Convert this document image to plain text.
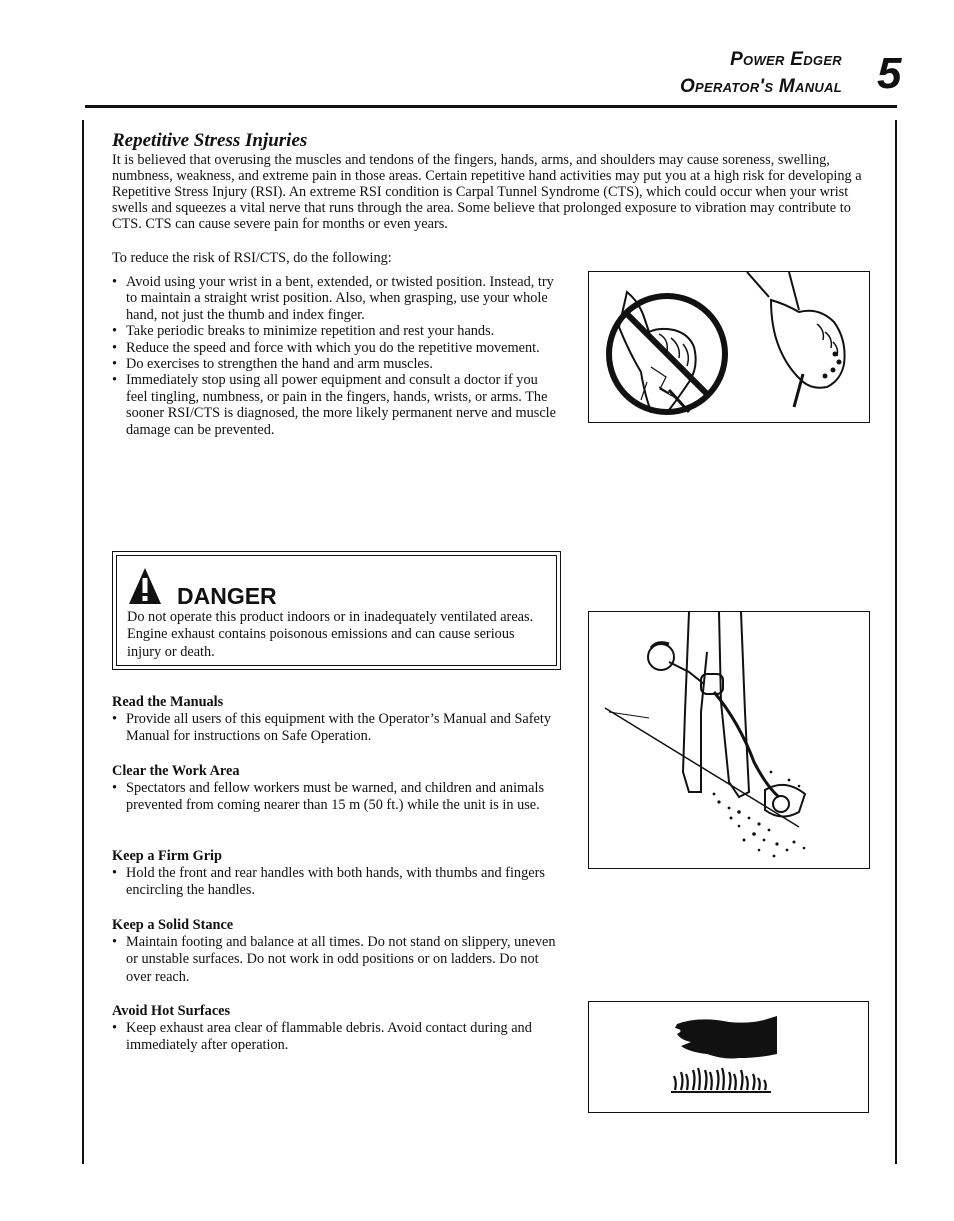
Power Edger
Operator's Manual 5
Repetitive Stress Injuries
It is believed that overusing the muscles and tendons of the fingers, hands, arms, and shoulders may cause soreness, swelling, numbness, weakness, and extreme pain in those areas. Certain repetitive hand activities may put you at a high risk for developing a Repetitive Stress Injury (RSI). An extreme RSI condition is Carpal Tunnel Syndrome (CTS), which could occur when your wrist swells and squeezes a vital nerve that runs through the area. Some believe that prolonged exposure to vibration may contribute to CTS. CTS can cause severe pain for months or even years.
To reduce the risk of RSI/CTS, do the following:
• Avoid using your wrist in a bent, extended, or twisted position. Instead, try to maintain a straight wrist position. Also, when grasping, use your whole hand, not just the thumb and index finger.
• Take periodic breaks to minimize repetition and rest your hands.
• Reduce the speed and force with which you do the repetitive movement.
• Do exercises to strengthen the hand and arm muscles.
• Immediately stop using all power equipment and consult a doctor if you feel tingling, numbness, or pain in the fingers, hands, wrists, or arms. The sooner RSI/CTS is diagnosed, the more likely permanent nerve and muscle damage can be prevented.
DANGER
Do not operate this product indoors or in inadequately ventilated areas. Engine exhaust contains poisonous emissions and can cause serious injury or death.
Read the Manuals
• Provide all users of this equipment with the Operator’s Manual and Safety Manual for instructions on Safe Operation.
Clear the Work Area
• Spectators and fellow workers must be warned, and children and animals prevented from coming nearer than 15 m (50 ft.) while the unit is in use.
Keep a Firm Grip
• Hold the front and rear handles with both hands, with thumbs and fingers encircling the handles.
Keep a Solid Stance
• Maintain footing and balance at all times. Do not stand on slippery, uneven or unstable surfaces. Do not work in odd positions or on ladders. Do not over reach.
Avoid Hot Surfaces
• Keep exhaust area clear of flammable debris. Avoid contact during and immediately after operation.
